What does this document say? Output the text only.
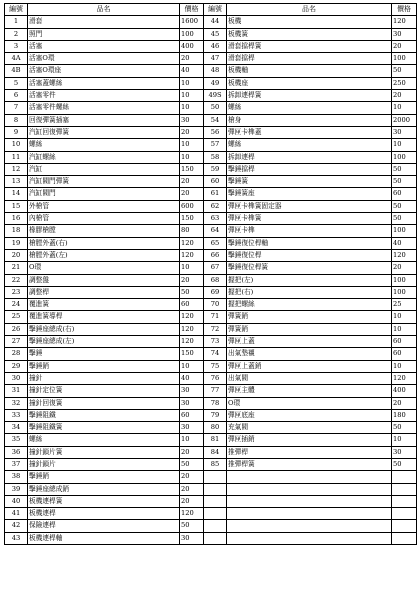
編號	品名	價格	編號	品名	價格
1	滑套	1600	44	板機	120
2	照門	100	45	板機簧	30
3	活塞	400	46	滑套擋桿簧	20
4A	活塞O環	20	47	滑套擋桿	100
4B	活塞O環座	40	48	板機軸	50
5	活塞蓋螺絲	10	49	板機座	250
6	活塞零件	10	49S	拆卸連桿簧	20
7	活塞零件螺絲	10	50	螺絲	10
8	回復彈簧插塞	30	54	槍身	2000
9	汽缸回復彈簧	20	56	彈匣卡榫蓋	30
10	螺絲	10	57	螺絲	10
11	汽缸螺絲	10	58	拆卸連桿	100
12	汽缸	150	59	擊錘擋桿	50
13	汽缸閥門彈簧	20	60	擊錘簧	50
14	汽缸閥門	20	61	擊錘簧座	60
15	外槍管	600	62	彈匣卡榫簧固定器	50
16	內槍管	150	63	彈匣卡榫簧	50
18	橡膠槍膛	80	64	彈匣卡榫	100
19	槍膛外蓋(右)	120	65	擊錘復位桿軸	40
20	槍膛外蓋(左)	120	66	擊錘復位桿	120
21	O環	10	67	擊錘復位桿簧	20
22	調整盤	20	68	握把(左)	100
23	調整桿	50	69	握把(右)	100
24	覆進簧	60	70	握把螺絲	25
25	覆進簧導桿	120	71	彈簧銷	10
26	擊錘座總成(右)	120	72	彈簧銷	10
27	擊錘座總成(左)	120	73	彈匣上蓋	60
28	擊錘	150	74	出氣墊襯	60
29	擊錘銷	10	75	彈匣上蓋銷	10
30	撞針	40	76	出氣閥	120
31	撞針定位簧	30	77	彈匣主體	400
32	撞針回復簧	30	78	O環	20
33	擊錘阻鐵	60	79	彈匣底座	180
34	擊錘阻鐵簧	30	80	充氣閥	50
35	螺絲	10	81	彈匣插銷	10
36	撞針鎖片簧	20	84	推彈桿	30
37	撞針鎖片	50	85	推彈桿簧	50
38	擊錘銷	20			
39	擊錘座總成銷	20			
40	板機連桿簧	20			
41	板機連桿	120			
42	保險連桿	50			
43	板機連桿軸	30			
